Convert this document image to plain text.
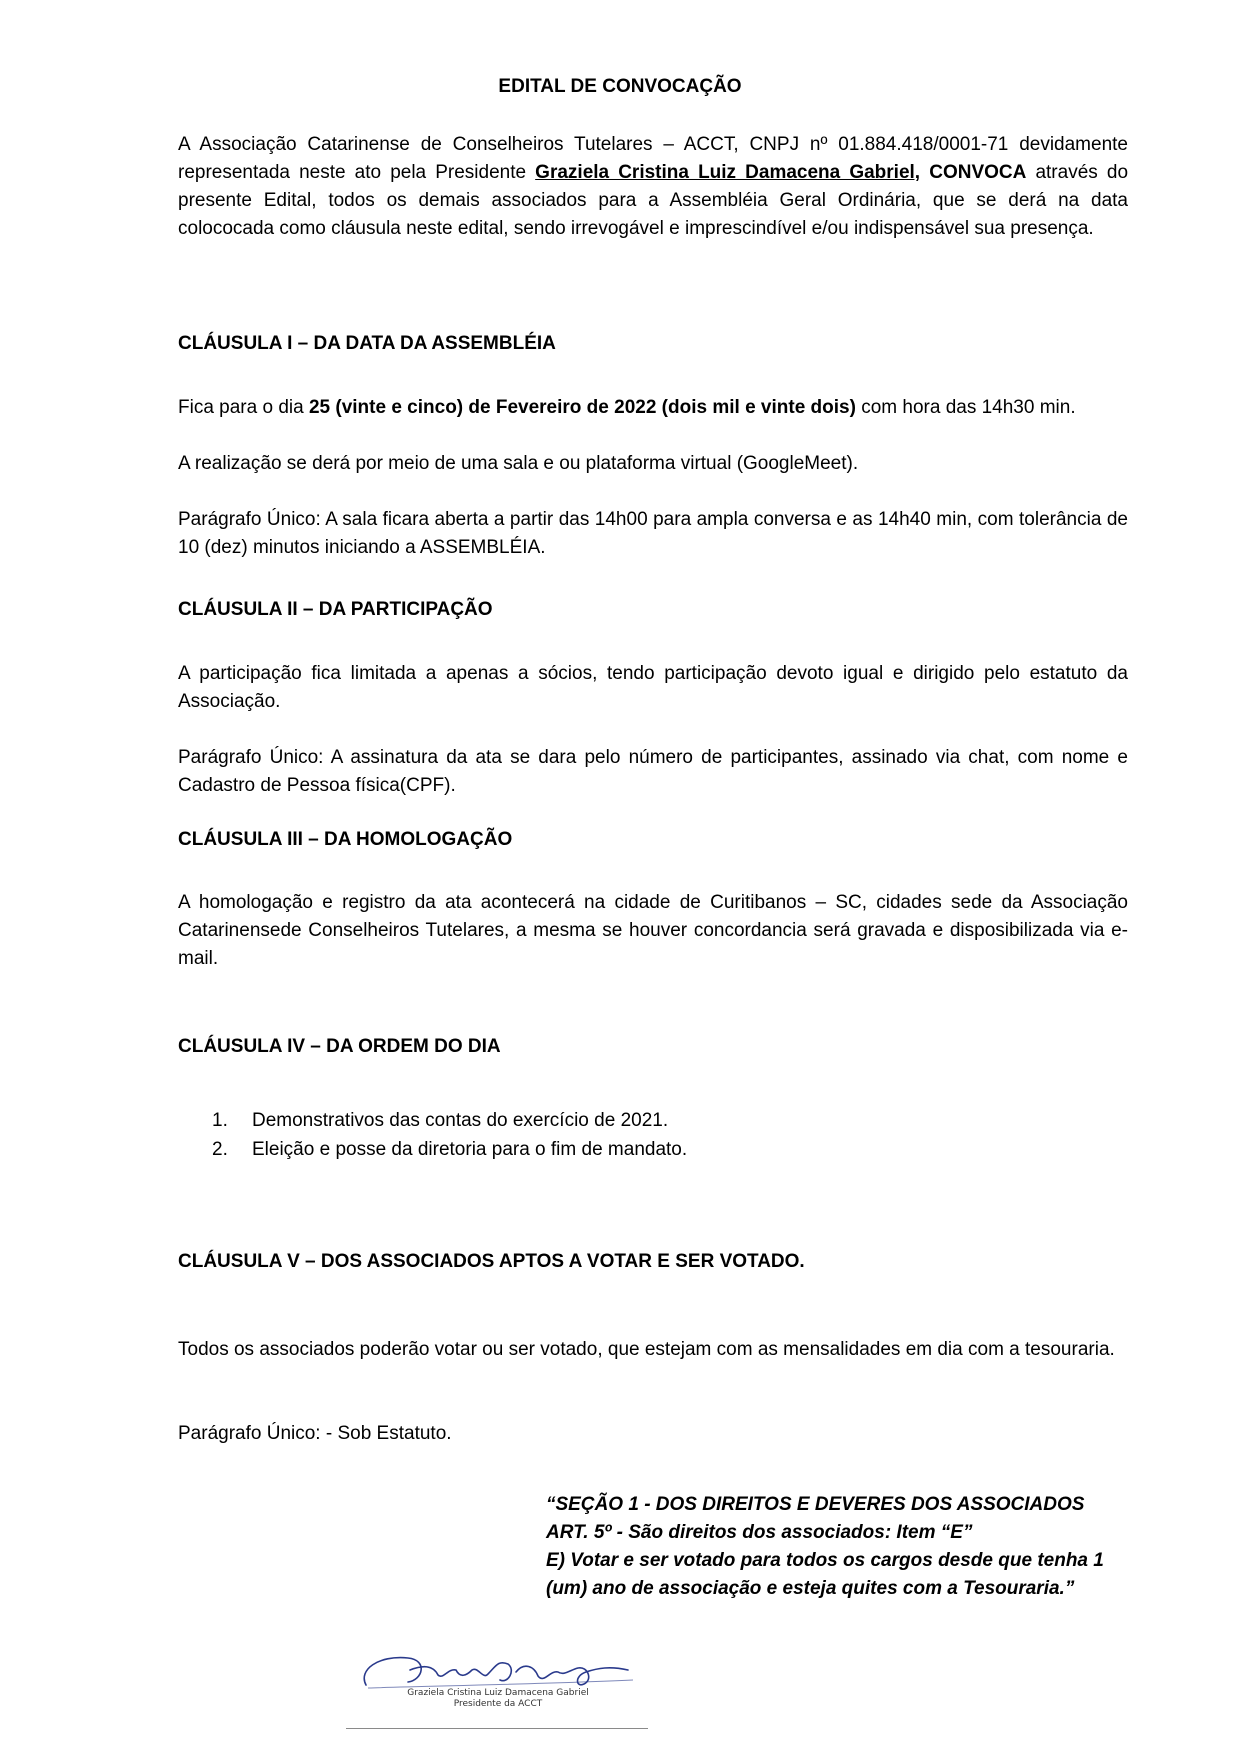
EDITAL DE CONVOCAÇÃO

A Associação Catarinense de Conselheiros Tutelares – ACCT, CNPJ nº 01.884.418/0001-71 devidamente representada neste ato pela Presidente Graziela Cristina Luiz Damacena Gabriel, CONVOCA através do presente Edital, todos os demais associados para a Assembléia Geral Ordinária, que se derá na data colococada como cláusula neste edital, sendo irrevogável e imprescindível e/ou indispensável sua presença.

CLÁUSULA I – DA DATA DA ASSEMBLÉIA

Fica para o dia 25 (vinte e cinco) de Fevereiro de 2022 (dois mil e vinte dois) com hora das 14h30 min.

A realização se derá por meio de uma sala e ou plataforma virtual (GoogleMeet).

Parágrafo Único: A sala ficara aberta a partir das 14h00 para ampla conversa e as 14h40 min, com tolerância de 10 (dez) minutos iniciando a ASSEMBLÉIA.

CLÁUSULA II – DA PARTICIPAÇÃO

A participação fica limitada a apenas a sócios, tendo participação devoto igual e dirigido pelo estatuto da Associação.

Parágrafo Único: A assinatura da ata se dara pelo número de participantes, assinado via chat, com nome e Cadastro de Pessoa física(CPF).

CLÁUSULA III – DA HOMOLOGAÇÃO

A homologação e registro da ata acontecerá na cidade de Curitibanos – SC, cidades sede da Associação Catarinensede Conselheiros Tutelares, a mesma se houver concordancia será gravada e disposibilizada via e-mail.

CLÁUSULA IV – DA ORDEM DO DIA

1.	Demonstrativos das contas do exercício de 2021.
2.	Eleição e posse da diretoria para o fim de mandato.

CLÁUSULA V – DOS ASSOCIADOS APTOS A VOTAR E SER VOTADO.

Todos os associados poderão votar ou ser votado, que estejam com as mensalidades em dia com a tesouraria.

Parágrafo Único: - Sob Estatuto.

“SEÇÃO 1 - DOS DIREITOS E DEVERES DOS ASSOCIADOS
ART. 5º - São direitos dos associados: Item “E”
E) Votar e ser votado para todos os cargos desde que tenha 1 (um) ano de associação e esteja quites com a Tesouraria.”
Graziela Cristina Luiz Damacena Gabriel
Presidente da ACCT
